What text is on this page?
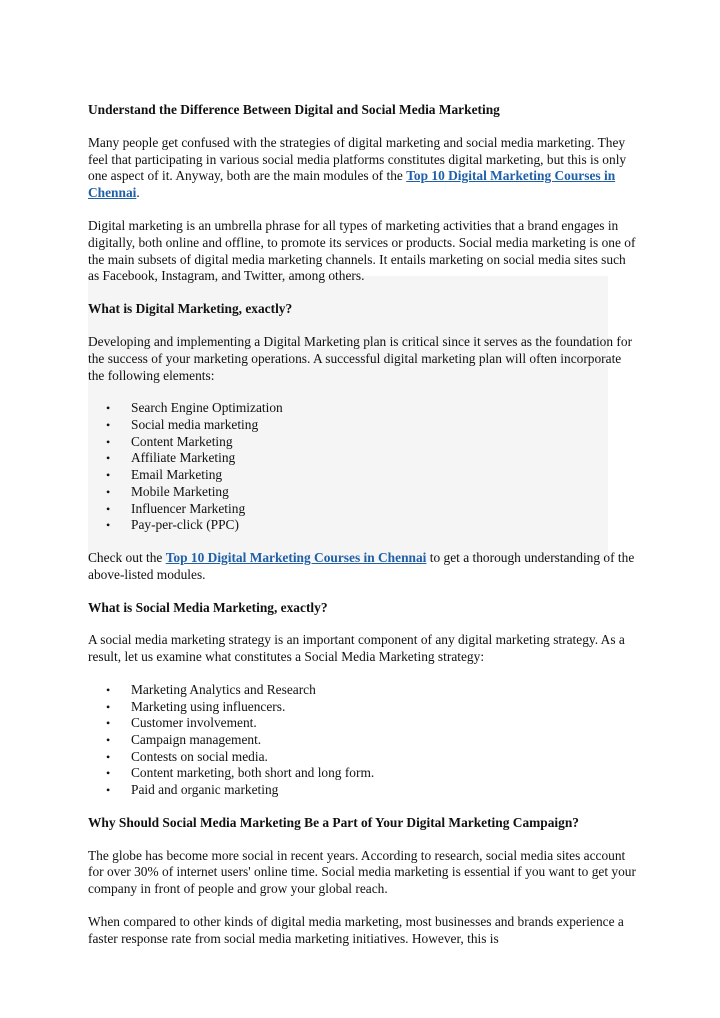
Understand the Difference Between Digital and Social Media Marketing

Many people get confused with the strategies of digital marketing and social media marketing. They feel that participating in various social media platforms constitutes digital marketing, but this is only one aspect of it. Anyway, both are the main modules of the Top 10 Digital Marketing Courses in Chennai.

Digital marketing is an umbrella phrase for all types of marketing activities that a brand engages in digitally, both online and offline, to promote its services or products. Social media marketing is one of the main subsets of digital media marketing channels. It entails marketing on social media sites such as Facebook, Instagram, and Twitter, among others.

What is Digital Marketing, exactly?

Developing and implementing a Digital Marketing plan is critical since it serves as the foundation for the success of your marketing operations. A successful digital marketing plan will often incorporate the following elements:

• Search Engine Optimization
• Social media marketing
• Content Marketing
• Affiliate Marketing
• Email Marketing
• Mobile Marketing
• Influencer Marketing
• Pay-per-click (PPC)

Check out the Top 10 Digital Marketing Courses in Chennai to get a thorough understanding of the above-listed modules.

What is Social Media Marketing, exactly?

A social media marketing strategy is an important component of any digital marketing strategy. As a result, let us examine what constitutes a Social Media Marketing strategy:

• Marketing Analytics and Research
• Marketing using influencers.
• Customer involvement.
• Campaign management.
• Contests on social media.
• Content marketing, both short and long form.
• Paid and organic marketing
Why Should Social Media Marketing Be a Part of Your Digital Marketing Campaign?

The globe has become more social in recent years. According to research, social media sites account for over 30% of internet users' online time. Social media marketing is essential if you want to get your company in front of people and grow your global reach.

When compared to other kinds of digital media marketing, most businesses and brands experience a faster response rate from social media marketing initiatives. However, this is
